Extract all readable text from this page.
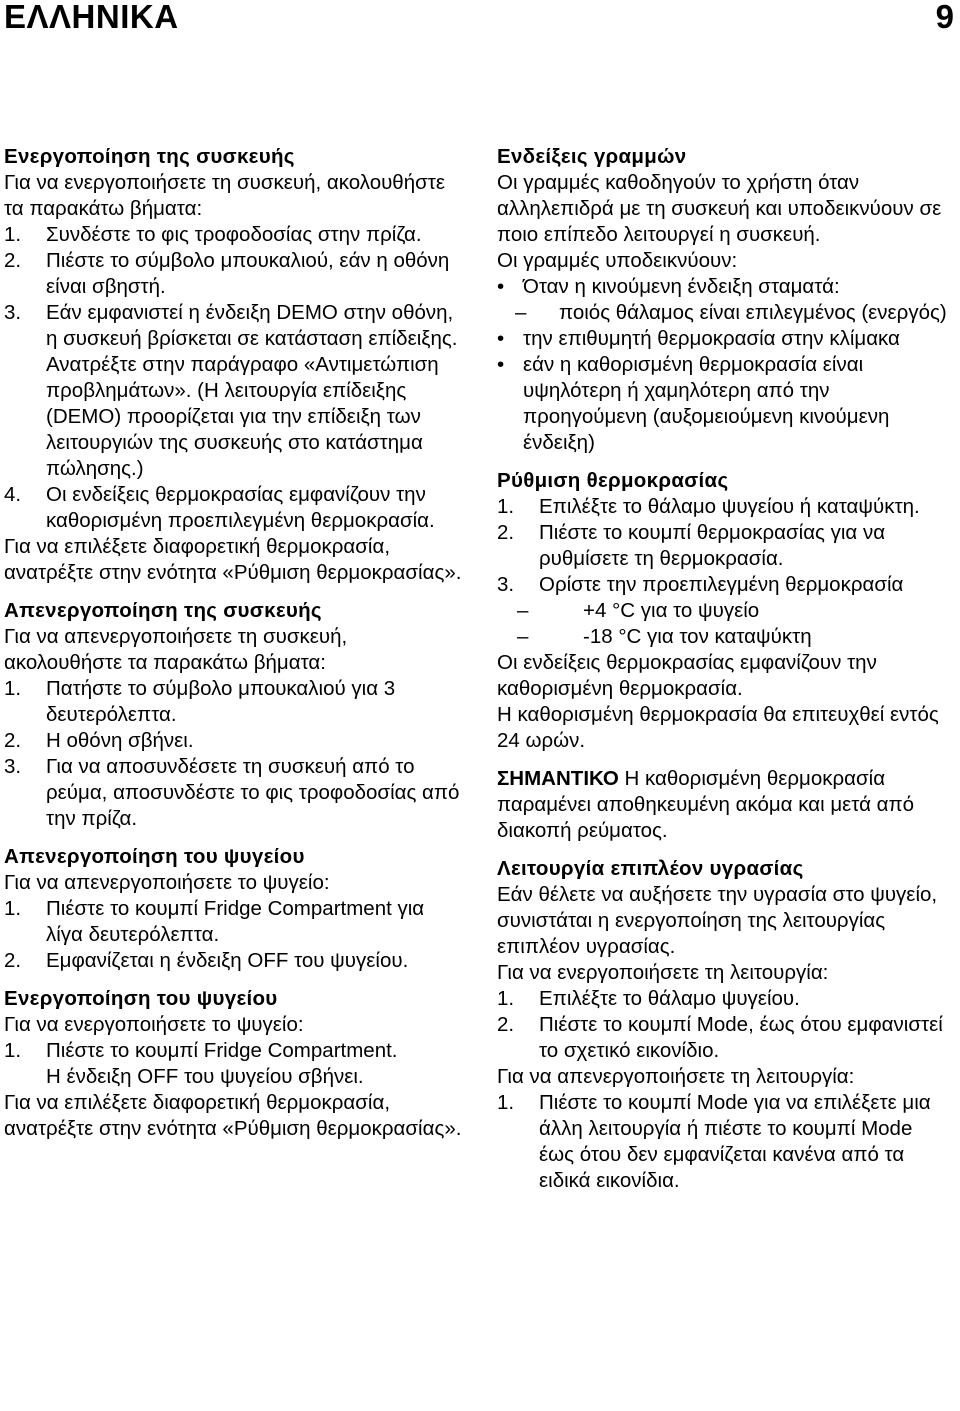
ΕΛΛΗΝΙΚΑ	9
Ενεργοποίηση της συσκευής

Για να ενεργοποιήσετε τη συσκευή, ακολουθήστε τα παρακάτω βήματα:

1.	Συνδέστε το φις τροφοδοσίας στην πρίζα.
2.	Πιέστε το σύμβολο μπουκαλιού, εάν η οθόνη είναι σβηστή.
3.	Εάν εμφανιστεί η ένδειξη DEMO στην οθόνη, η συσκευή βρίσκεται σε κατάσταση επίδειξης. Ανατρέξτε στην παράγραφο «Αντιμετώπιση προβλημάτων». (Η λειτουργία επίδειξης (DEMO) προορίζεται για την επίδειξη των λειτουργιών της συσκευής στο κατάστημα πώλησης.)
4.	Οι ενδείξεις θερμοκρασίας εμφανίζουν την καθορισμένη προεπιλεγμένη θερμοκρασία.

Για να επιλέξετε διαφορετική θερμοκρασία, ανατρέξτε στην ενότητα «Ρύθμιση θερμοκρασίας».

Απενεργοποίηση της συσκευής

Για να απενεργοποιήσετε τη συσκευή, ακολουθήστε τα παρακάτω βήματα:

1.	Πατήστε το σύμβολο μπουκαλιού για 3 δευτερόλεπτα.
2.	Η οθόνη σβήνει.
3.	Για να αποσυνδέσετε τη συσκευή από το ρεύμα, αποσυνδέστε το φις τροφοδοσίας από την πρίζα.
Απενεργοποίηση του ψυγείου

Για να απενεργοποιήσετε το ψυγείο:

1.	Πιέστε το κουμπί Fridge Compartment για λίγα δευτερόλεπτα.
2.	Εμφανίζεται η ένδειξη OFF του ψυγείου.
Ενεργοποίηση του ψυγείου

Για να ενεργοποιήσετε το ψυγείο:

1.	Πιέστε το κουμπί Fridge Compartment.
Η ένδειξη OFF του ψυγείου σβήνει.

Για να επιλέξετε διαφορετική θερμοκρασία, ανατρέξτε στην ενότητα «Ρύθμιση θερμοκρασίας».

Ενδείξεις γραμμών

Οι γραμμές καθοδηγούν το χρήστη όταν αλληλεπιδρά με τη συσκευή και υποδεικνύουν σε ποιο επίπεδο λειτουργεί η συσκευή.

Οι γραμμές υποδεικνύουν:

• Όταν η κινούμενη ένδειξη σταματά:
–	ποιός θάλαμος είναι επιλεγμένος (ενεργός)
• την επιθυμητή θερμοκρασία στην κλίμακα
• εάν η καθορισμένη θερμοκρασία είναι υψηλότερη ή χαμηλότερη από την προηγούμενη (αυξομειούμενη κινούμενη ένδειξη)
Ρύθμιση θερμοκρασίας
1.	Επιλέξτε το θάλαμο ψυγείου ή καταψύκτη.
2.	Πιέστε το κουμπί θερμοκρασίας για να ρυθμίσετε τη θερμοκρασία.
3.	Ορίστε την προεπιλεγμένη θερμοκρασία
–	+4 °C για το ψυγείο
–	-18 °C για τον καταψύκτη

Οι ενδείξεις θερμοκρασίας εμφανίζουν την καθορισμένη θερμοκρασία.

Η καθορισμένη θερμοκρασία θα επιτευχθεί εντός 24 ωρών.

ΣΗΜΑΝΤΙΚΟ Η καθορισμένη θερμοκρασία παραμένει αποθηκευμένη ακόμα και μετά από διακοπή ρεύματος.

Λειτουργία επιπλέον υγρασίας

Εάν θέλετε να αυξήσετε την υγρασία στο ψυγείο, συνιστάται η ενεργοποίηση της λειτουργίας επιπλέον υγρασίας.

Για να ενεργοποιήσετε τη λειτουργία:

1.	Επιλέξτε το θάλαμο ψυγείου.
2.	Πιέστε το κουμπί Mode, έως ότου εμφανιστεί το σχετικό εικονίδιο.

Για να απενεργοποιήσετε τη λειτουργία:

1.	Πιέστε το κουμπί Mode για να επιλέξετε μια άλλη λειτουργία ή πιέστε το κουμπί Mode έως ότου δεν εμφανίζεται κανένα από τα ειδικά εικονίδια.
